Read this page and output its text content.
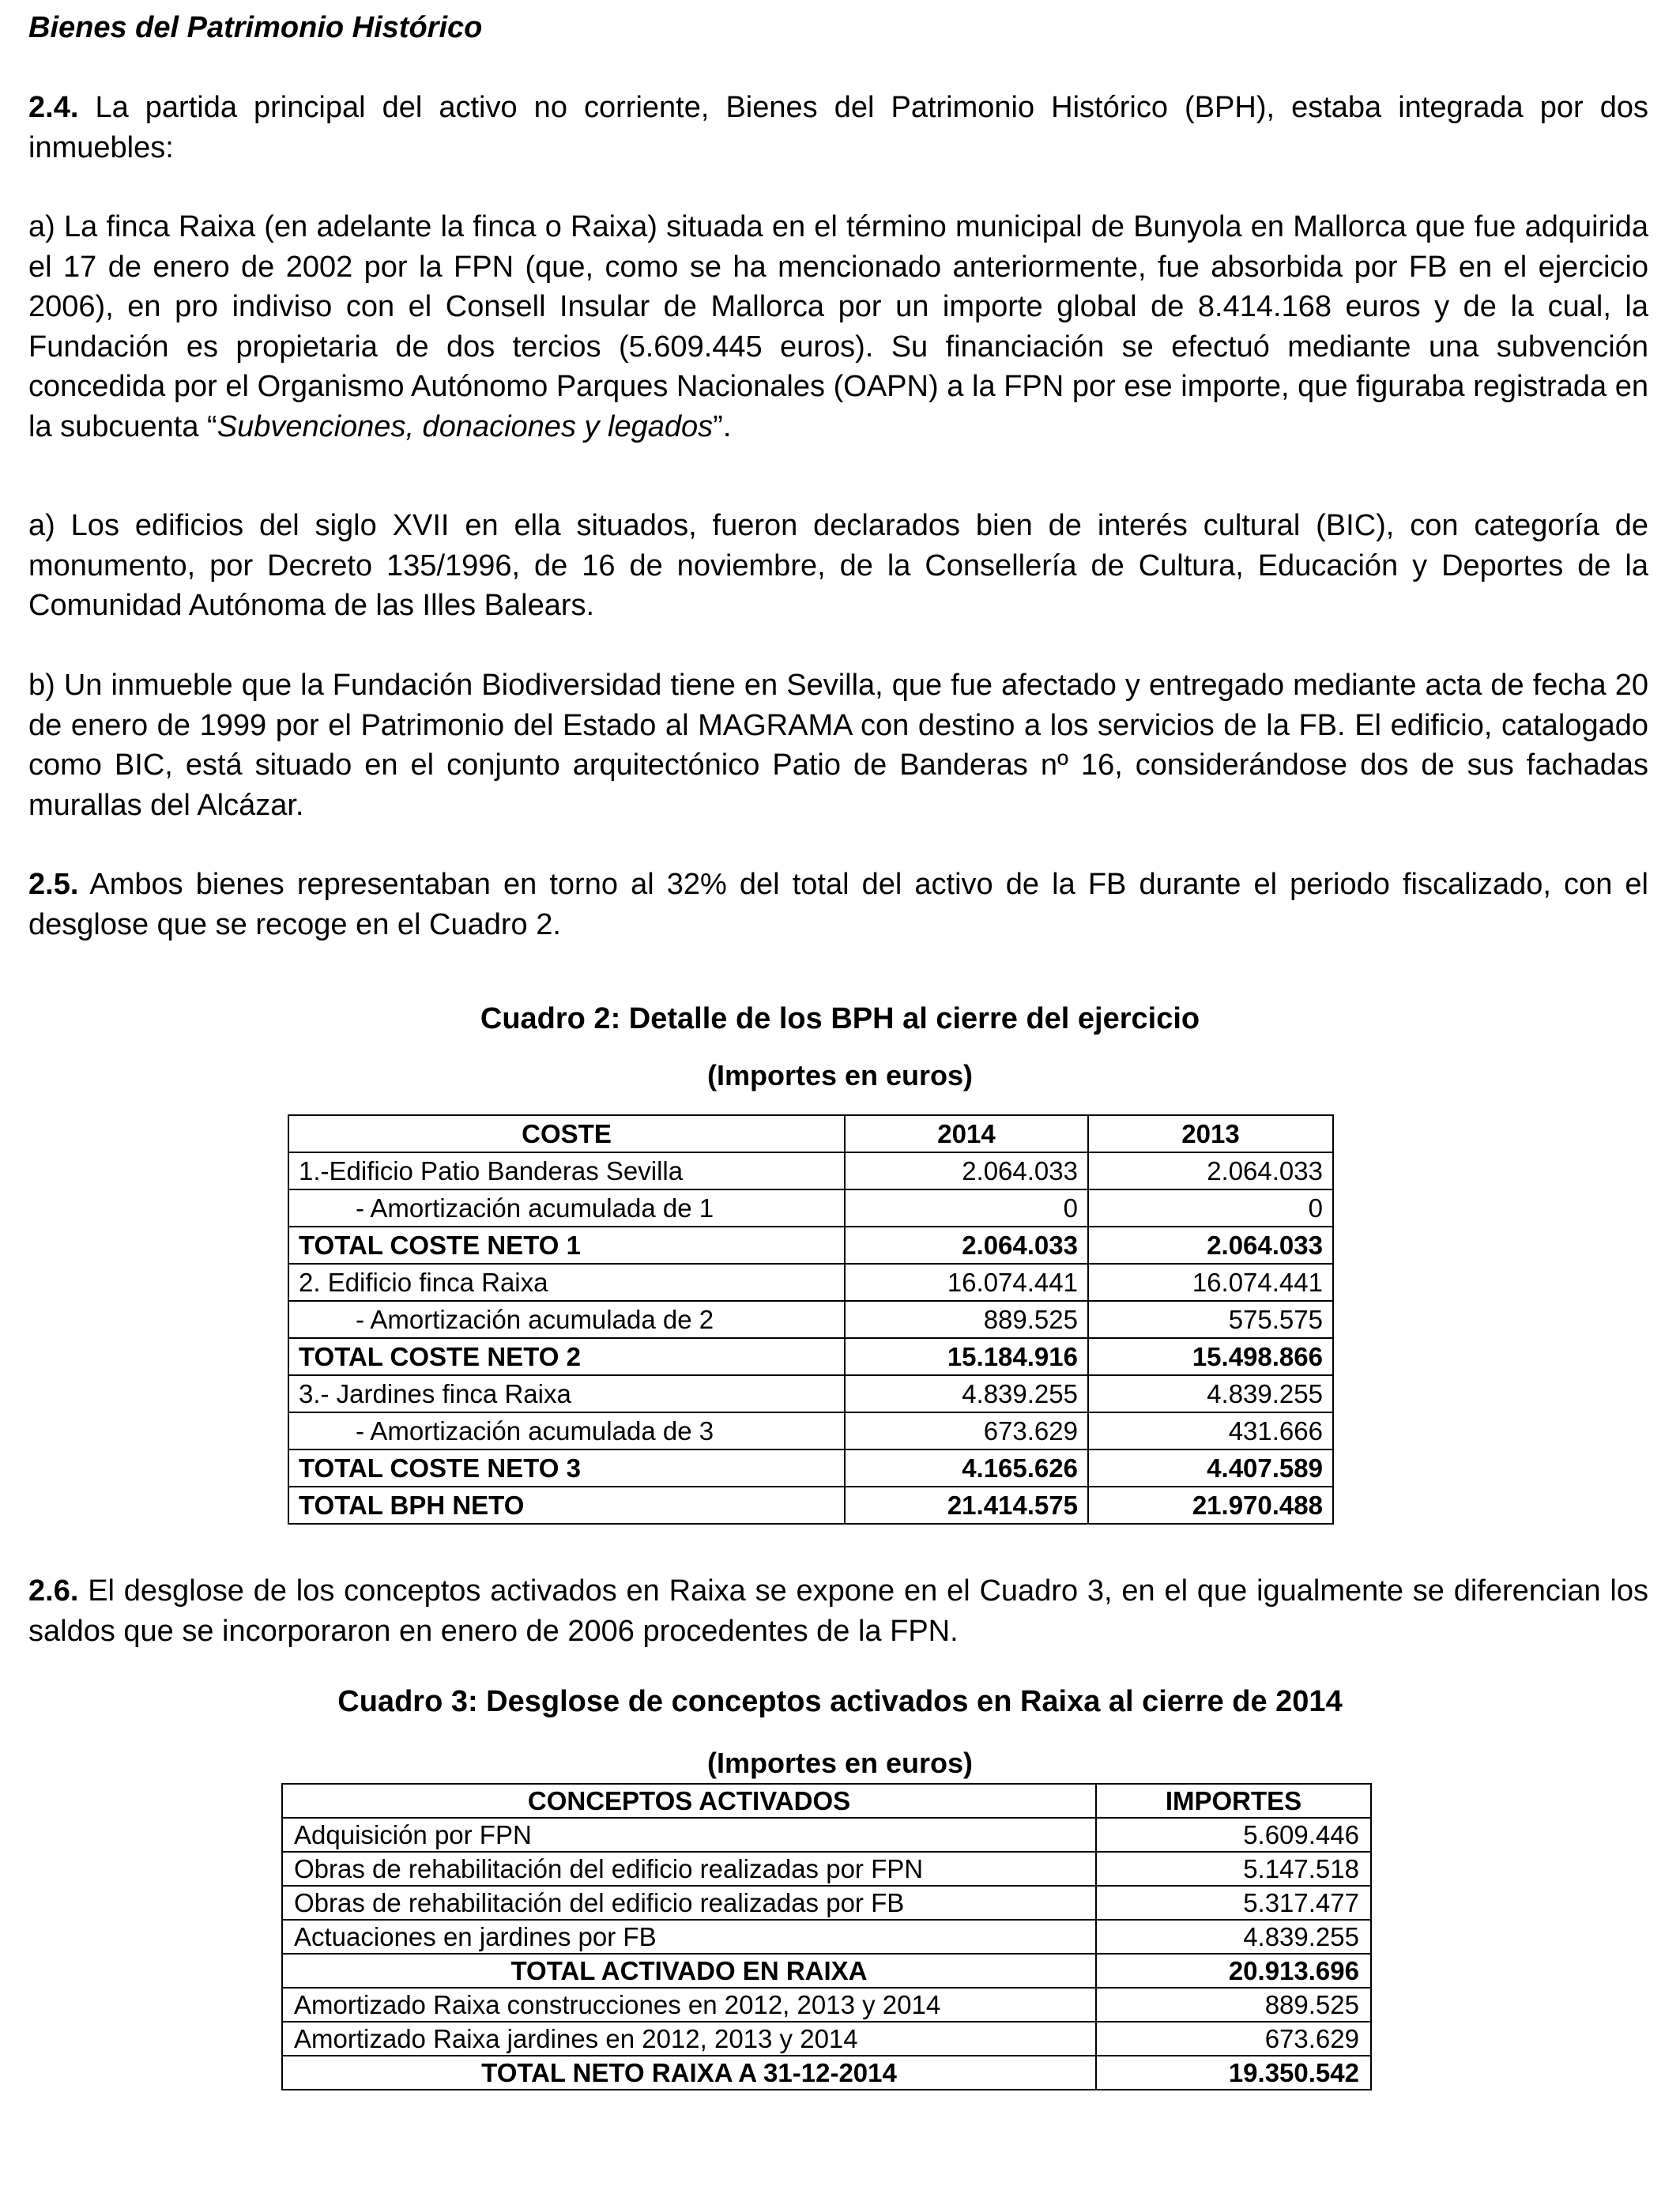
Bienes del Patrimonio Histórico
2.4. La partida principal del activo no corriente, Bienes del Patrimonio Histórico (BPH), estaba integrada por dos inmuebles:
a) La finca Raixa (en adelante la finca o Raixa) situada en el término municipal de Bunyola en Mallorca que fue adquirida el 17 de enero de 2002 por la FPN (que, como se ha mencionado anteriormente, fue absorbida por FB en el ejercicio 2006), en pro indiviso con el Consell Insular de Mallorca por un importe global de 8.414.168 euros y de la cual, la Fundación es propietaria de dos tercios (5.609.445 euros). Su financiación se efectuó mediante una subvención concedida por el Organismo Autónomo Parques Nacionales (OAPN) a la FPN por ese importe, que figuraba registrada en la subcuenta “Subvenciones, donaciones y legados”.
a) Los edificios del siglo XVII en ella situados, fueron declarados bien de interés cultural (BIC), con categoría de monumento, por Decreto 135/1996, de 16 de noviembre, de la Consellería de Cultura, Educación y Deportes de la Comunidad Autónoma de las Illes Balears.
b) Un inmueble que la Fundación Biodiversidad tiene en Sevilla, que fue afectado y entregado mediante acta de fecha 20 de enero de 1999 por el Patrimonio del Estado al MAGRAMA con destino a los servicios de la FB. El edificio, catalogado como BIC, está situado en el conjunto arquitectónico Patio de Banderas nº 16, considerándose dos de sus fachadas murallas del Alcázar.
2.5. Ambos bienes representaban en torno al 32% del total del activo de la FB durante el periodo fiscalizado, con el desglose que se recoge en el Cuadro 2.
2.6. El desglose de los conceptos activados en Raixa se expone en el Cuadro 3, en el que igualmente se diferencian los saldos que se incorporaron en enero de 2006 procedentes de la FPN.
Cuadro 2: Detalle de los BPH al cierre del ejercicio
(Importes en euros)
COSTE	2014	2013
1.-Edificio Patio Banderas Sevilla	2.064.033	2.064.033
- Amortización acumulada de 1	0	0
TOTAL COSTE NETO 1	2.064.033	2.064.033
2. Edificio finca Raixa	16.074.441	16.074.441
- Amortización acumulada de 2	889.525	575.575
TOTAL COSTE NETO 2	15.184.916	15.498.866
3.- Jardines finca Raixa	4.839.255	4.839.255
- Amortización acumulada de 3	673.629	431.666
TOTAL COSTE NETO 3	4.165.626	4.407.589
TOTAL BPH NETO	21.414.575	21.970.488
Cuadro 3: Desglose de conceptos activados en Raixa al cierre de 2014
(Importes en euros)
CONCEPTOS ACTIVADOS	IMPORTES
Adquisición por FPN	5.609.446
Obras de rehabilitación del edificio realizadas por FPN	5.147.518
Obras de rehabilitación del edificio realizadas por FB	5.317.477
Actuaciones en jardines por FB	4.839.255
TOTAL ACTIVADO EN RAIXA	20.913.696
Amortizado Raixa construcciones en 2012, 2013 y 2014	889.525
Amortizado Raixa jardines en 2012, 2013 y 2014	673.629
TOTAL NETO RAIXA A 31-12-2014	19.350.542
